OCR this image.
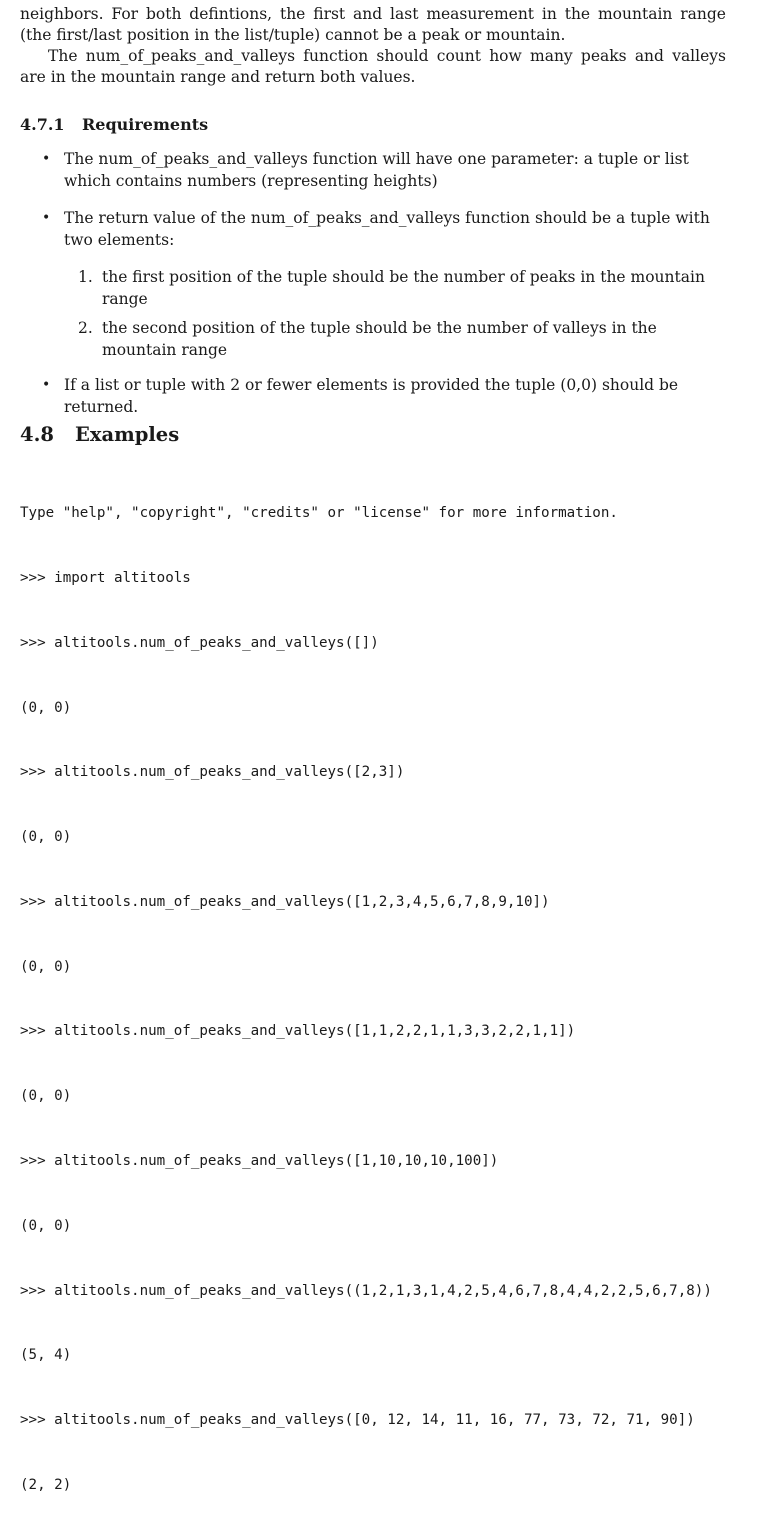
neighbors. For both defintions, the first and last measurement in the mountain range (the first/last position in the list/tuple) cannot be a peak or mountain.
The num_of_peaks_and_valleys function should count how many peaks and valleys are in the mountain range and return both values.
4.7.1 Requirements
• The num_of_peaks_and_valleys function will have one parameter: a tuple or list which contains numbers (representing heights)
• The return value of the num_of_peaks_and_valleys function should be a tuple with two elements:
1. the first position of the tuple should be the number of peaks in the mountain range
2. the second position of the tuple should be the number of valleys in the mountain range
• If a list or tuple with 2 or fewer elements is provided the tuple (0,0) should be returned.
4.8 Examples

Type "help", "copyright", "credits" or "license" for more information.

>>> import altitools

>>> altitools.num_of_peaks_and_valleys([])

(0, 0)

>>> altitools.num_of_peaks_and_valleys([2,3])

(0, 0)

>>> altitools.num_of_peaks_and_valleys([1,2,3,4,5,6,7,8,9,10])

(0, 0)

>>> altitools.num_of_peaks_and_valleys([1,1,2,2,1,1,3,3,2,2,1,1])

(0, 0)

>>> altitools.num_of_peaks_and_valleys([1,10,10,10,100])

(0, 0)

>>> altitools.num_of_peaks_and_valleys((1,2,1,3,1,4,2,5,4,6,7,8,4,4,2,2,5,6,7,8))

(5, 4)

>>> altitools.num_of_peaks_and_valleys([0, 12, 14, 11, 16, 77, 73, 72, 71, 90])

(2, 2)
